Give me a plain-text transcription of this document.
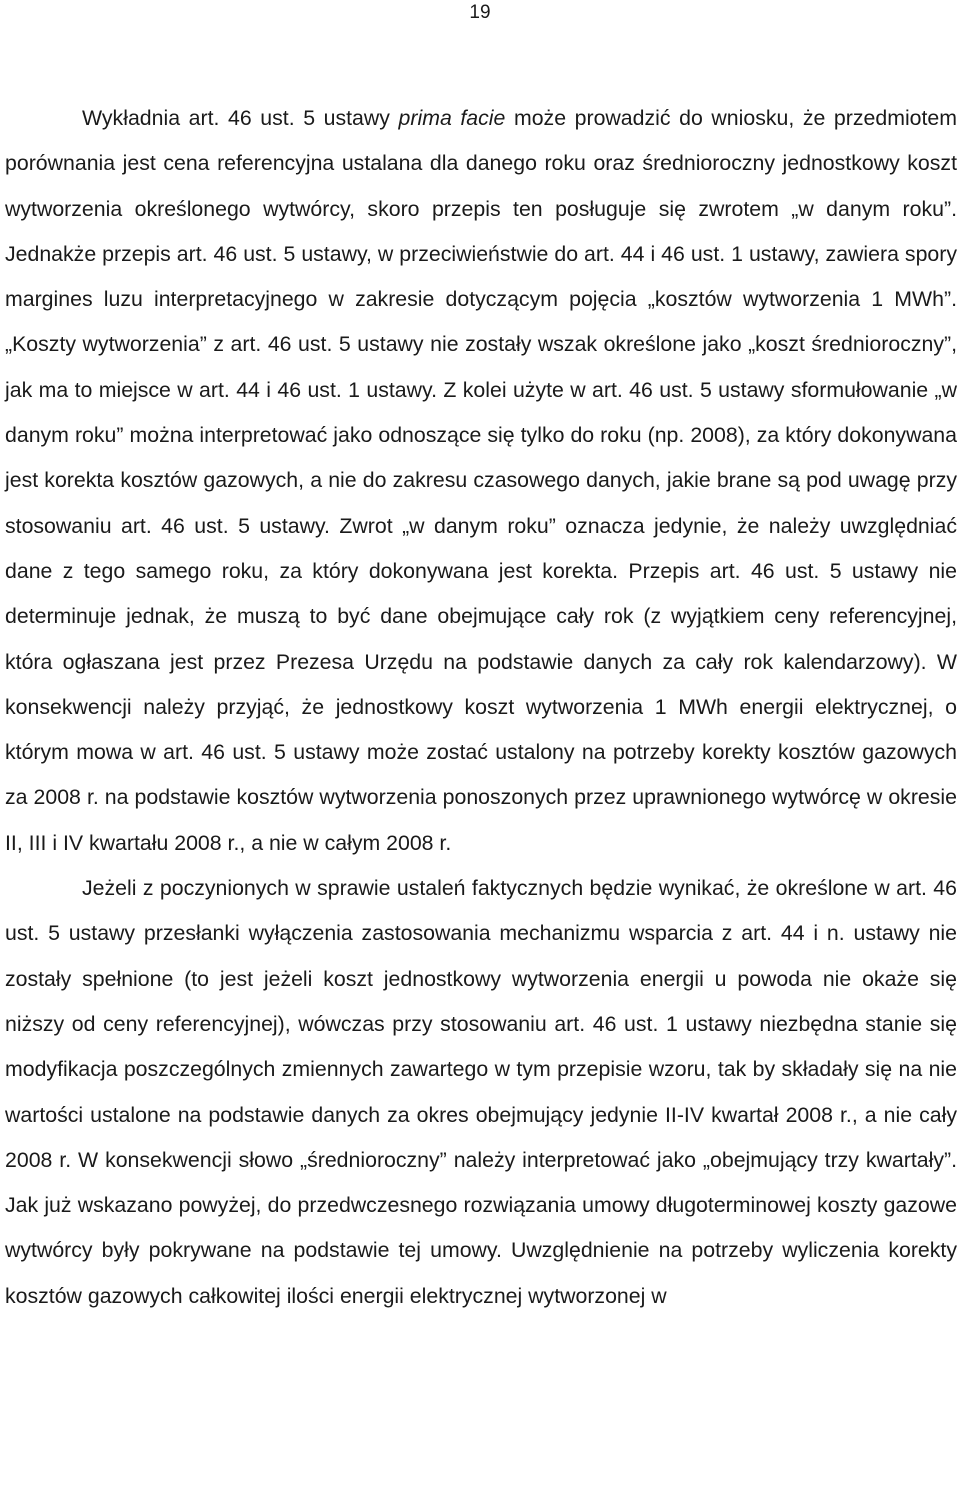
19

Wykładnia art. 46 ust. 5 ustawy prima facie może prowadzić do wniosku, że przedmiotem porównania jest cena referencyjna ustalana dla danego roku oraz średnioroczny jednostkowy koszt wytworzenia określonego wytwórcy, skoro przepis ten posługuje się zwrotem „w danym roku”. Jednakże przepis art. 46 ust. 5 ustawy, w przeciwieństwie do art. 44 i 46 ust. 1 ustawy, zawiera spory margines luzu interpretacyjnego w zakresie dotyczącym pojęcia „kosztów wytworzenia 1 MWh”. „Koszty wytworzenia” z art. 46 ust. 5 ustawy nie zostały wszak określone jako „koszt średnioroczny”, jak ma to miejsce w art. 44 i 46 ust. 1 ustawy. Z kolei użyte w art. 46 ust. 5 ustawy sformułowanie „w danym roku” można interpretować jako odnoszące się tylko do roku (np. 2008), za który dokonywana jest korekta kosztów gazowych, a nie do zakresu czasowego danych, jakie brane są pod uwagę przy stosowaniu art. 46 ust. 5 ustawy. Zwrot „w danym roku” oznacza jedynie, że należy uwzględniać dane z tego samego roku, za który dokonywana jest korekta. Przepis art. 46 ust. 5 ustawy nie determinuje jednak, że muszą to być dane obejmujące cały rok (z wyjątkiem ceny referencyjnej, która ogłaszana jest przez Prezesa Urzędu na podstawie danych za cały rok kalendarzowy). W konsekwencji należy przyjąć, że jednostkowy koszt wytworzenia 1 MWh energii elektrycznej, o którym mowa w art. 46 ust. 5 ustawy może zostać ustalony na potrzeby korekty kosztów gazowych za 2008 r. na podstawie kosztów wytworzenia ponoszonych przez uprawnionego wytwórcę w okresie II, III i IV kwartału 2008 r., a nie w całym 2008 r.

Jeżeli z poczynionych w sprawie ustaleń faktycznych będzie wynikać, że określone w art. 46 ust. 5 ustawy przesłanki wyłączenia zastosowania mechanizmu wsparcia z art. 44 i n. ustawy nie zostały spełnione (to jest jeżeli koszt jednostkowy wytworzenia energii u powoda nie okaże się niższy od ceny referencyjnej), wówczas przy stosowaniu art. 46 ust. 1 ustawy niezbędna stanie się modyfikacja poszczególnych zmiennych zawartego w tym przepisie wzoru, tak by składały się na nie wartości ustalone na podstawie danych za okres obejmujący jedynie II-IV kwartał 2008 r., a nie cały 2008 r. W konsekwencji słowo „średnioroczny” należy interpretować jako „obejmujący trzy kwartały”. Jak już wskazano powyżej, do przedwczesnego rozwiązania umowy długoterminowej koszty gazowe wytwórcy były pokrywane na podstawie tej umowy. Uwzględnienie na potrzeby wyliczenia korekty kosztów gazowych całkowitej ilości energii elektrycznej wytworzonej w
